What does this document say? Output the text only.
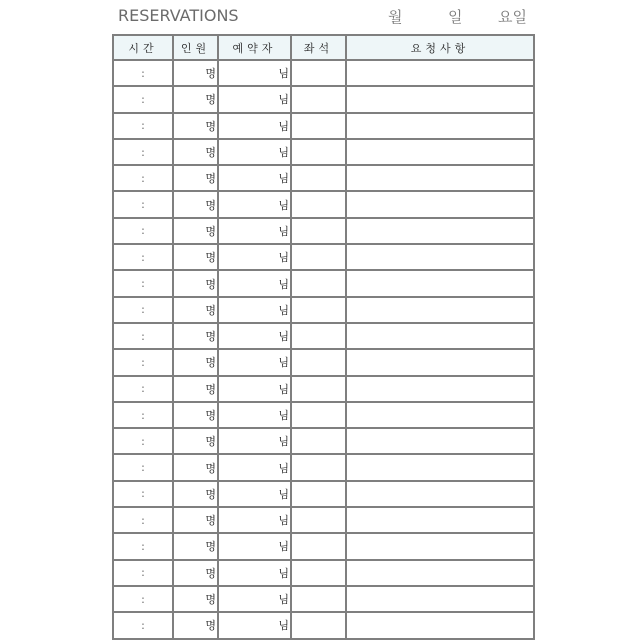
RESERVATIONS	월	일 요일
시간	인원	예약자	좌석	요청사항
:	명	님		
:	명	님		
:	명	님		
:	명	님		
:	명	님		
:	명	님		
:	명	님		
:	명	님		
:	명	님		
:	명	님		
:	명	님		
:	명	님		
:	명	님		
:	명	님		
:	명	님		
:	명	님		
:	명	님		
:	명	님		
:	명	님		
:	명	님		
:	명	님		
:	명	님		
